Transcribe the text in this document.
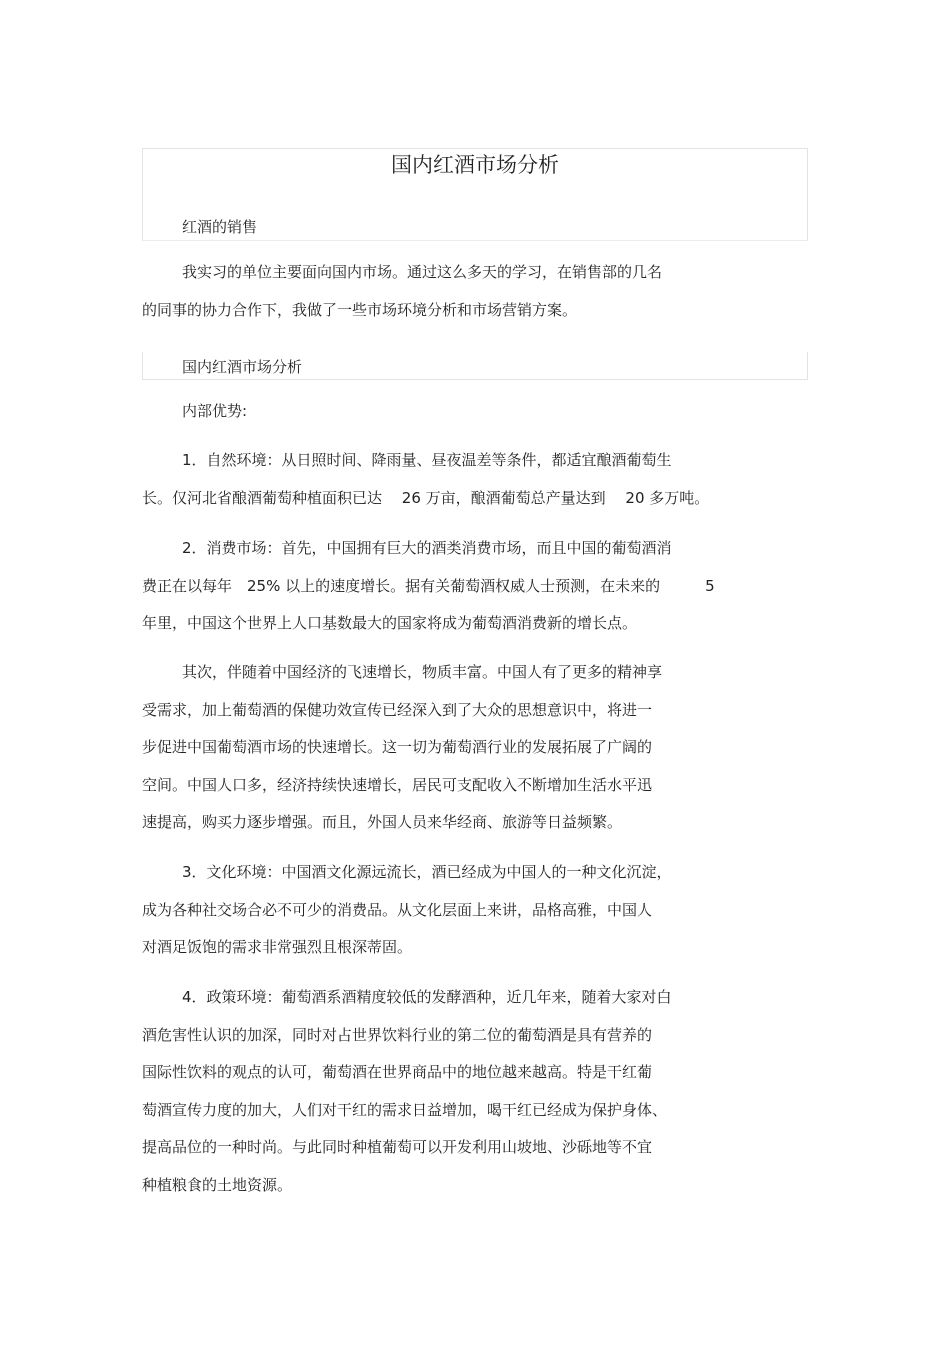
国内红酒市场分析
红酒的销售
我实习的单位主要面向国内市场。通过这么多天的学习，在销售部的几名
的同事的协力合作下，我做了一些市场环境分析和市场营销方案。
国内红酒市场分析
内部优势:
1．自然环境：从日照时间、降雨量、昼夜温差等条件，都适宜酿酒葡萄生
长。仅河北省酿酒葡萄种植面积已达　 26 万亩，酿酒葡萄总产量达到　 20 多万吨。
2．消费市场：首先，中国拥有巨大的酒类消费市场，而且中国的葡萄酒消
费正在以每年　25% 以上的速度增长。据有关葡萄酒权威人士预测，在未来的　　　5
年里，中国这个世界上人口基数最大的国家将成为葡萄酒消费新的增长点。
其次，伴随着中国经济的飞速增长，物质丰富。中国人有了更多的精神享
受需求，加上葡萄酒的保健功效宣传已经深入到了大众的思想意识中，将进一
步促进中国葡萄酒市场的快速增长。这一切为葡萄酒行业的发展拓展了广阔的
空间。中国人口多，经济持续快速增长，居民可支配收入不断增加生活水平迅
速提高，购买力逐步增强。而且，外国人员来华经商、旅游等日益频繁。
3．文化环境：中国酒文化源远流长，酒已经成为中国人的一种文化沉淀，
成为各种社交场合必不可少的消费品。从文化层面上来讲，品格高雅，中国人
对酒足饭饱的需求非常强烈且根深蒂固。
4．政策环境：葡萄酒系酒精度较低的发酵酒种，近几年来，随着大家对白
酒危害性认识的加深，同时对占世界饮料行业的第二位的葡萄酒是具有营养的
国际性饮料的观点的认可，葡萄酒在世界商品中的地位越来越高。特是干红葡
萄酒宣传力度的加大，人们对干红的需求日益增加，喝干红已经成为保护身体、
提高品位的一种时尚。与此同时种植葡萄可以开发利用山坡地、沙砾地等不宜
种植粮食的土地资源。
